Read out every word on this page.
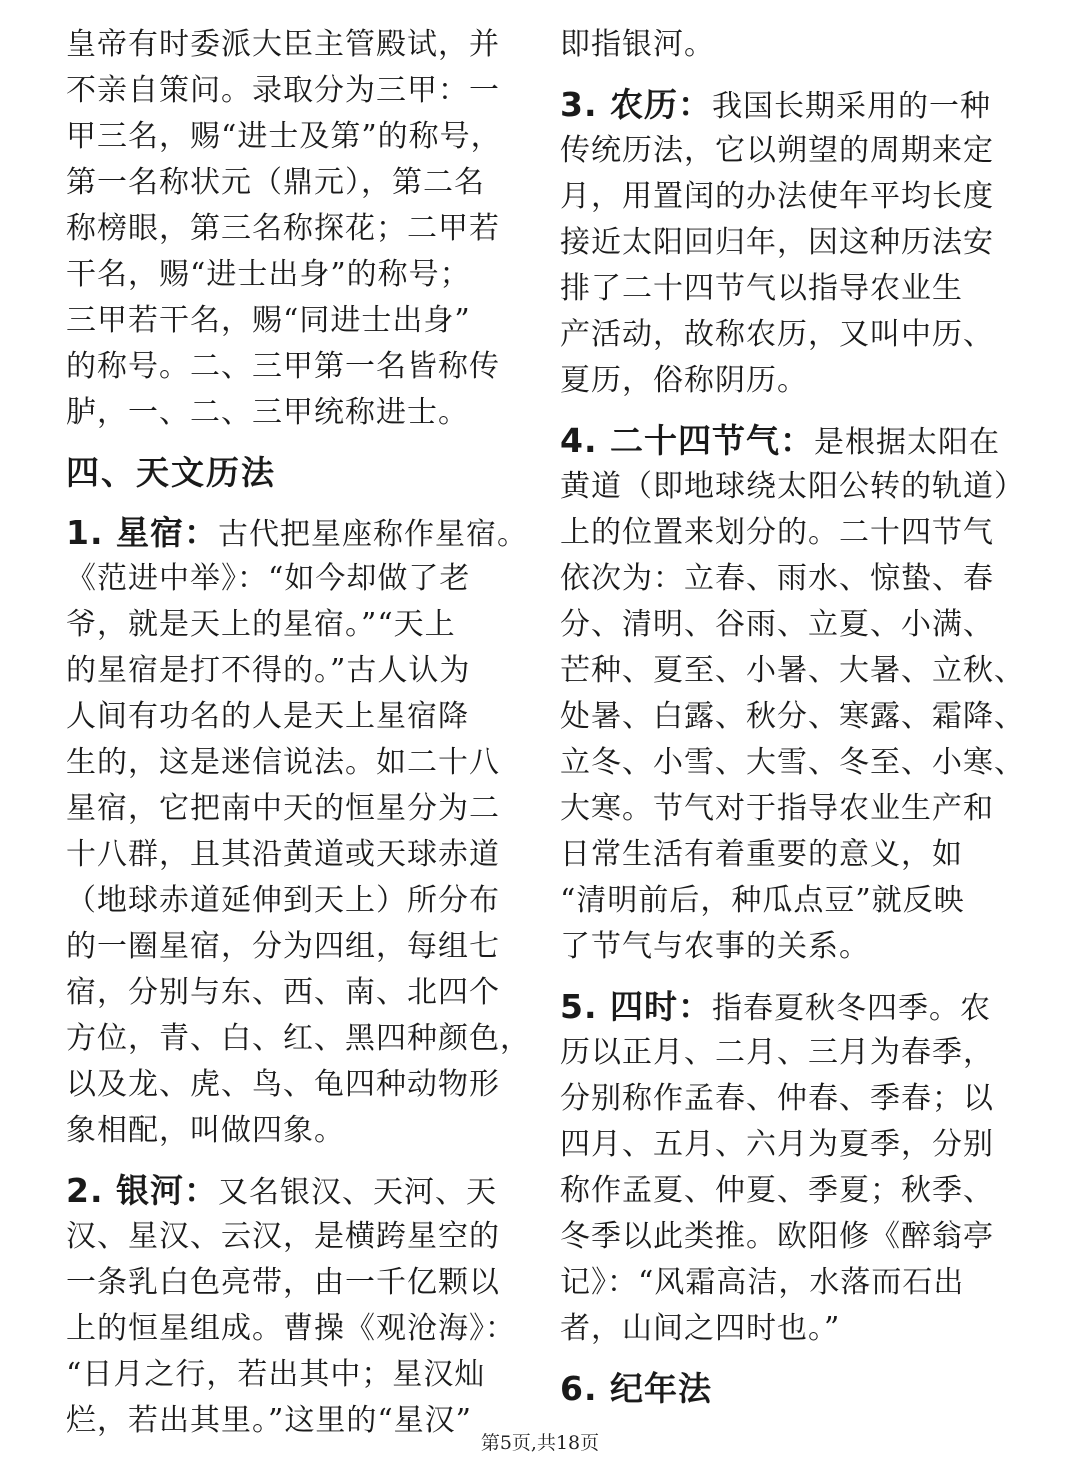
皇帝有时委派大臣主管殿试，并
不亲自策问。录取分为三甲：一
甲三名，赐“进士及第”的称号，
第一名称状元（鼎元），第二名
称榜眼，第三名称探花；二甲若
干名，赐“进士出身”的称号；
三甲若干名，赐“同进士出身”
的称号。二、三甲第一名皆称传
胪，一、二、三甲统称进士。
四、天文历法
1. 星宿：古代把星座称作星宿。
《范进中举》：“如今却做了老
爷，就是天上的星宿。”“天上
的星宿是打不得的。”古人认为
人间有功名的人是天上星宿降
生的，这是迷信说法。如二十八
星宿，它把南中天的恒星分为二
十八群，且其沿黄道或天球赤道
（地球赤道延伸到天上）所分布
的一圈星宿，分为四组，每组七
宿，分别与东、西、南、北四个
方位，青、白、红、黑四种颜色，
以及龙、虎、鸟、龟四种动物形
象相配，叫做四象。
2. 银河：又名银汉、天河、天
汉、星汉、云汉，是横跨星空的
一条乳白色亮带，由一千亿颗以
上的恒星组成。曹操《观沧海》：
“日月之行，若出其中；星汉灿
烂，若出其里。”这里的“星汉”
即指银河。
3. 农历：我国长期采用的一种
传统历法，它以朔望的周期来定
月，用置闰的办法使年平均长度
接近太阳回归年，因这种历法安
排了二十四节气以指导农业生
产活动，故称农历，又叫中历、
夏历，俗称阴历。
4. 二十四节气：是根据太阳在
黄道（即地球绕太阳公转的轨道）
上的位置来划分的。二十四节气
依次为：立春、雨水、惊蛰、春
分、清明、谷雨、立夏、小满、
芒种、夏至、小暑、大暑、立秋、
处暑、白露、秋分、寒露、霜降、
立冬、小雪、大雪、冬至、小寒、
大寒。节气对于指导农业生产和
日常生活有着重要的意义，如
“清明前后，种瓜点豆”就反映
了节气与农事的关系。
5. 四时：指春夏秋冬四季。农
历以正月、二月、三月为春季，
分别称作孟春、仲春、季春；以
四月、五月、六月为夏季，分别
称作孟夏、仲夏、季夏；秋季、
冬季以此类推。欧阳修《醉翁亭
记》：“风霜高洁，水落而石出
者，山间之四时也。”
6. 纪年法
第5页,共18页
